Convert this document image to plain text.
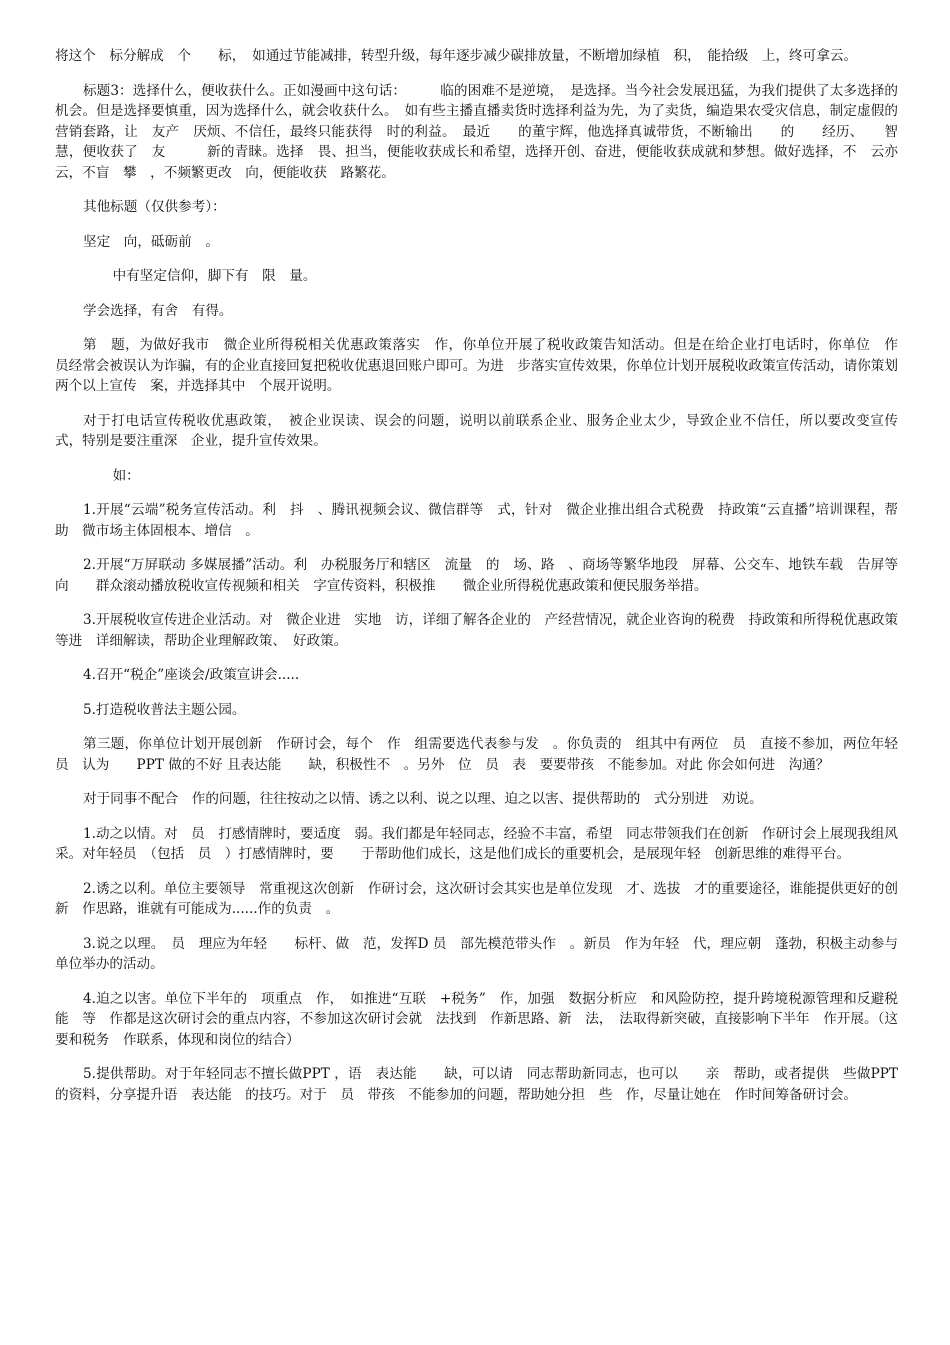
将这个　标分解成　个　　标，　如通过节能减排，转型升级，每年逐步减少碳排放量，不断增加绿植　积，　能拾级　上，终可拿云。

标题3：选择什么，便收获什么。正如漫画中这句话：　　　临的困难不是逆境，　是选择。当今社会发展迅猛，为我们提供了太多选择的机会。但是选择要慎重，因为选择什么，就会收获什么。　如有些主播直播卖货时选择利益为先，为了卖货，编造果农受灾信息，制定虚假的营销套路，让　友产　厌烦、不信任，最终只能获得　时的利益。　最近　　的董宇辉，他选择真诚带货，不断输出　　的　　经历、　　智慧，便收获了　友　　　新的青睐。选择　畏、担当，便能收获成长和希望，选择开创、奋进，便能收获成就和梦想。做好选择，不　云亦云，不盲　攀　，不频繁更改　向，便能收获　路繁花。

其他标题（仅供参考）：

坚定　向，砥砺前　。

　中有坚定信仰，脚下有　限　量。

学会选择，有舍　有得。

第　题，为做好我市　微企业所得税相关优惠政策落实　作，你单位开展了税收政策告知活动。但是在给企业打电话时，你单位　作　员经常会被误认为诈骗，有的企业直接回复把税收优惠退回账户即可。为进　步落实宣传效果，你单位计划开展税收政策宣传活动，请你策划两个以上宣传　案，并选择其中　个展开说明。

对于打电话宣传税收优惠政策，　被企业误读、误会的问题，说明以前联系企业、服务企业太少，导致企业不信任，所以要改变宣传　式，特别是要注重深　企业，提升宣传效果。

　如：

1.开展“云端”税务宣传活动。利　抖　、腾讯视频会议、微信群等　式，针对　微企业推出组合式税费　持政策“云直播”培训课程，帮助　微市场主体固根本、增信　。

2.开展“万屏联动 多媒展播”活动。利　办税服务厅和辖区　流量　的　场、路　、商场等繁华地段　屏幕、公交车、地铁车载　告屏等　向　　群众滚动播放税收宣传视频和相关　字宣传资料，积极推　　微企业所得税优惠政策和便民服务举措。

3.开展税收宣传进企业活动。对　微企业进　实地　访，详细了解各企业的　产经营情况，就企业咨询的税费　持政策和所得税优惠政策等进　详细解读，帮助企业理解政策、　好政策。

4.召开“税企”座谈会/政策宣讲会.....

5.打造税收普法主题公园。

第三题，你单位计划开展创新　作研讨会，每个　作　组需要选代表参与发　。你负责的　组其中有两位　员　直接不参加，两位年轻员　认为　　PPT 做的不好 且表达能　　缺，积极性不　。另外　位　员　表　要要带孩　不能参加。对此 你会如何进　沟通？

对于同事不配合　作的问题，往往按动之以情、诱之以利、说之以理、迫之以害、提供帮助的　式分别进　劝说。

1.动之以情。对　员　打感情牌时，要适度　弱。我们都是年轻同志，经验不丰富，希望　同志带领我们在创新　作研讨会上展现我组风采。对年轻员　（包括　员　）打感情牌时，要　　于帮助他们成长，这是他们成长的重要机会，是展现年轻　创新思维的难得平台。

2.诱之以利。单位主要领导　常重视这次创新　作研讨会，这次研讨会其实也是单位发现　才、选拔　才的重要途径，谁能提供更好的创新　作思路，谁就有可能成为......作的负责　。

3.说之以理。　员　理应为年轻　　标杆、做　范，发挥D 员　部先模范带头作　。新员　作为年轻　代，理应朝　蓬勃，积极主动参与单位举办的活动。

4.迫之以害。单位下半年的　项重点　作，　如推进“互联　+税务”　作，加强　数据分析应　和风险防控，提升跨境税源管理和反避税能　等　作都是这次研讨会的重点内容，不参加这次研讨会就　法找到　作新思路、新　法，　法取得新突破，直接影响下半年　作开展。（这　要和税务　作联系，体现和岗位的结合）

5.提供帮助。对于年轻同志不擅长做PPT ，语　表达能　　缺，可以请　同志帮助新同志，也可以　　亲　帮助，或者提供　些做PPT 的资料，分享提升语　表达能　的技巧。对于　员　带孩　不能参加的问题，帮助她分担　些　作，尽量让她在　作时间筹备研讨会。
